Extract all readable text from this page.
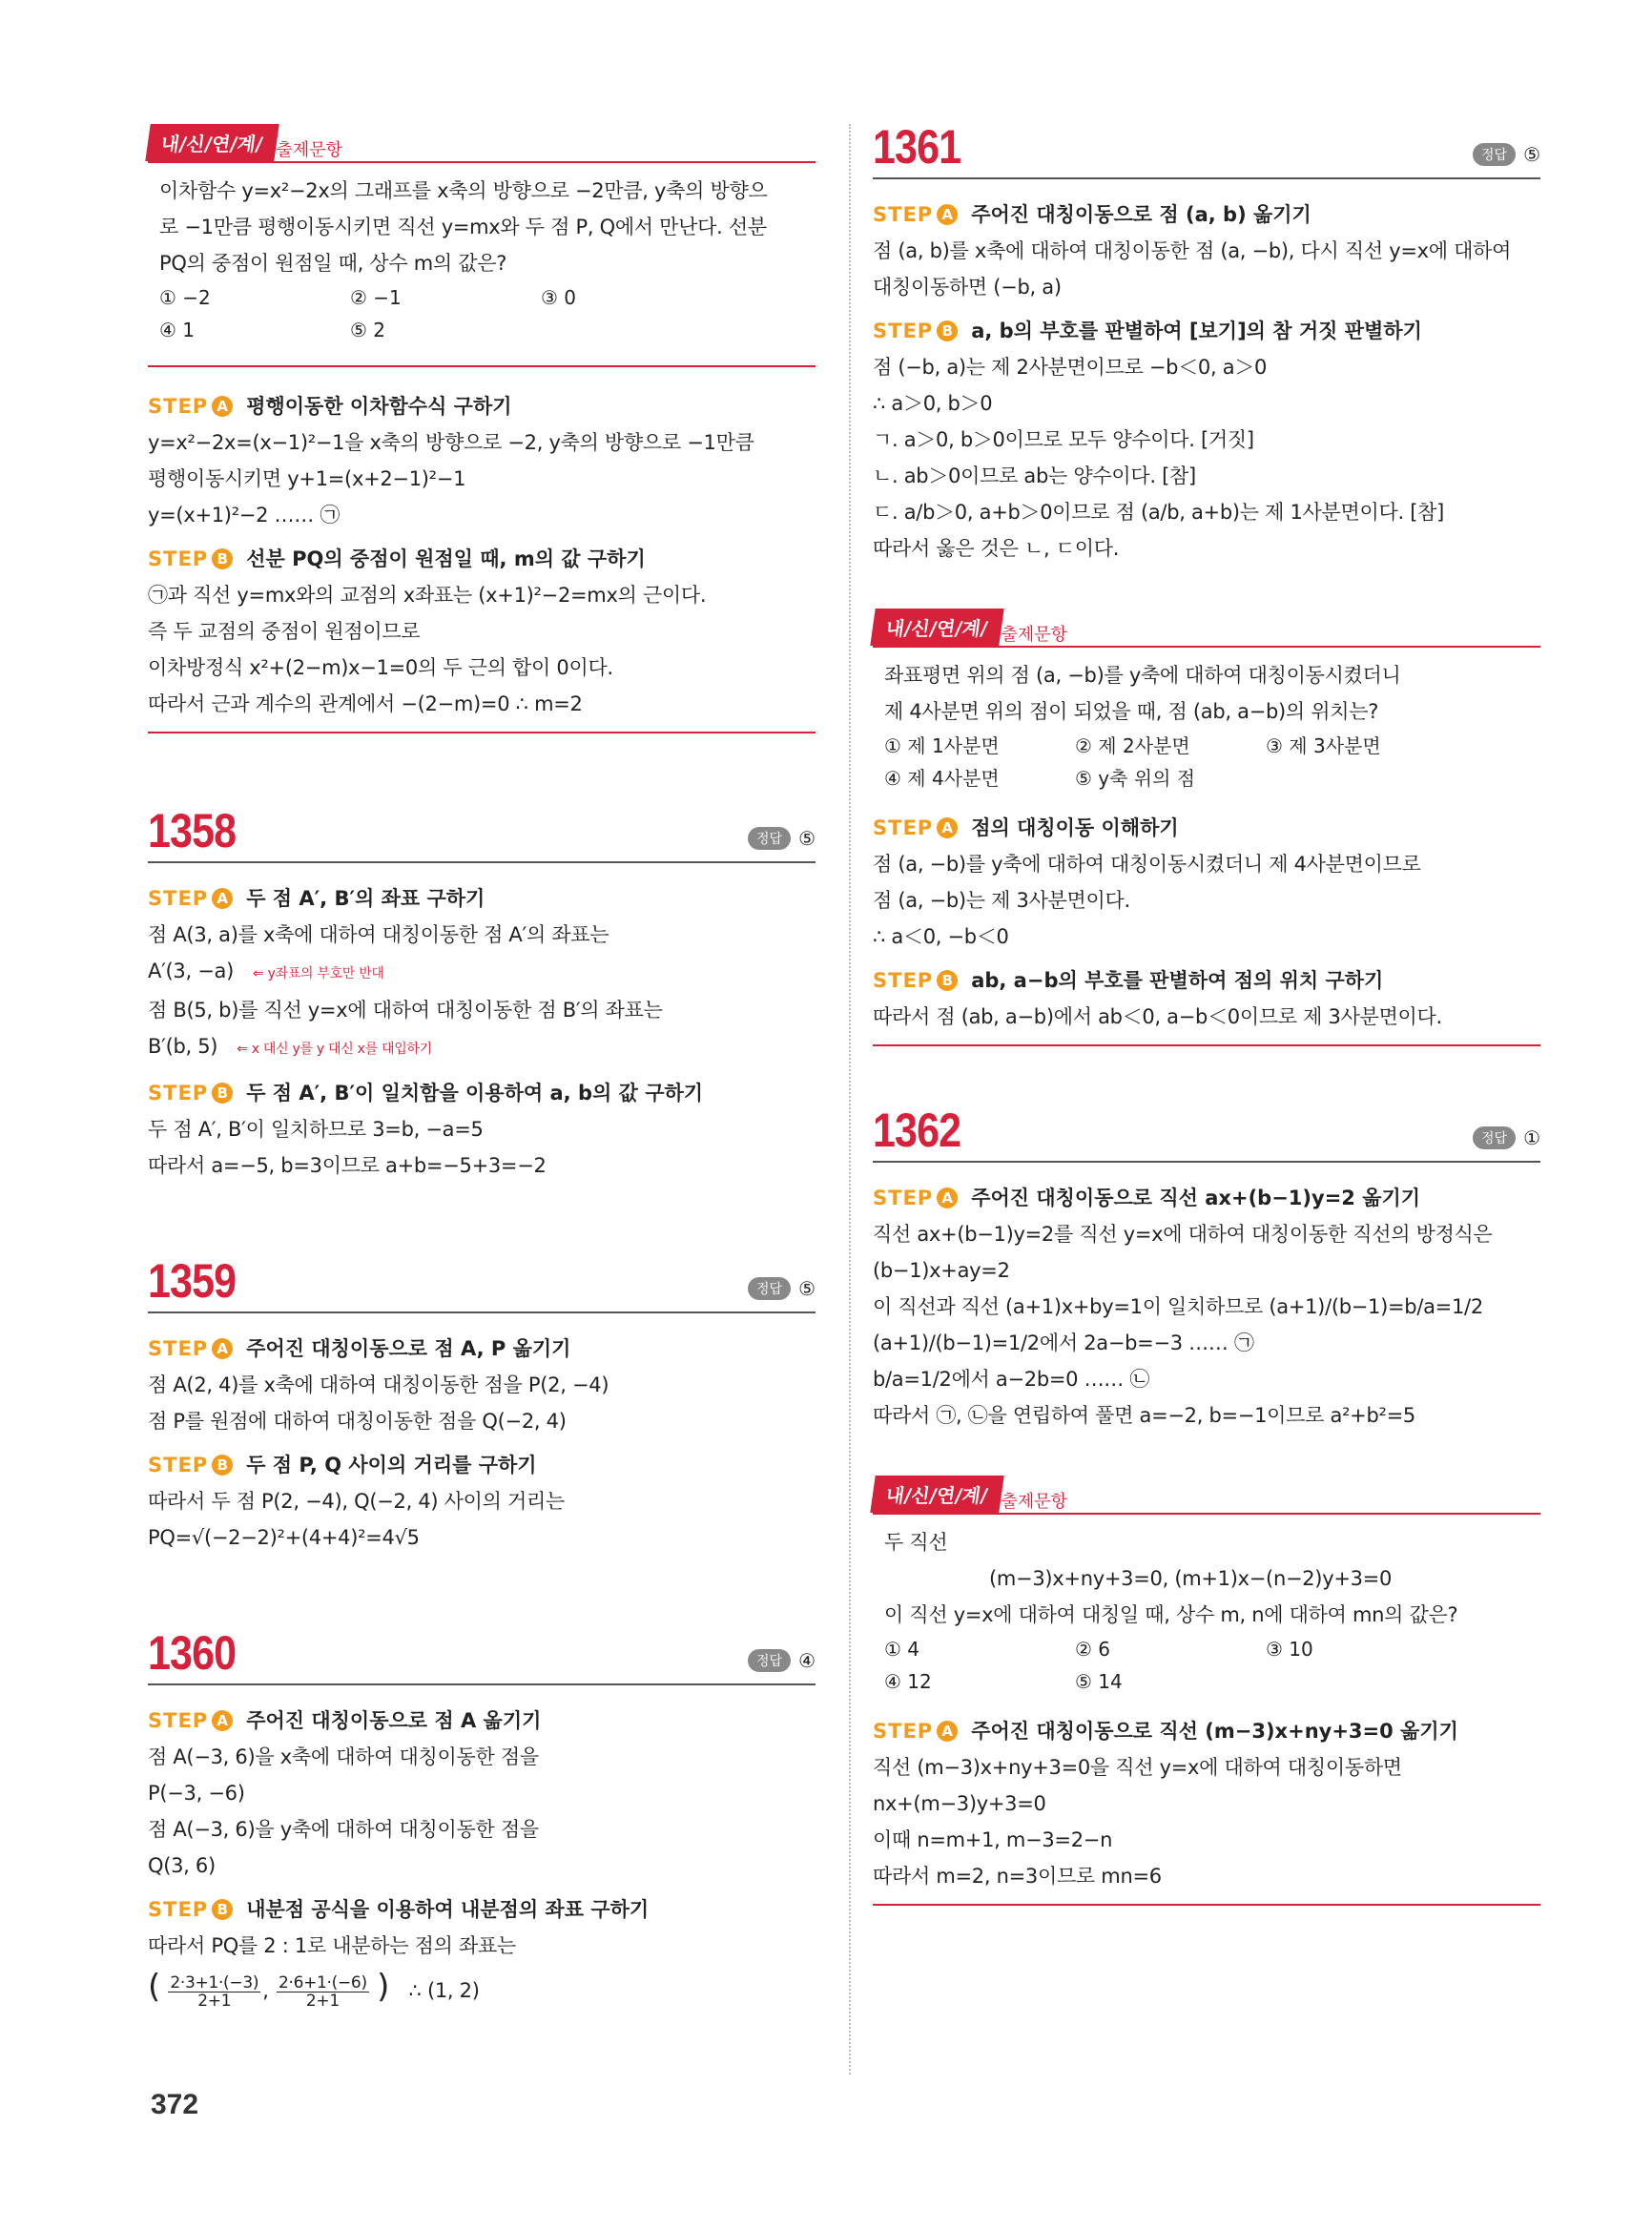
내/신/연/계/ 출제문항
이차함수 y=x²−2x의 그래프를 x축의 방향으로 −2만큼, y축의 방향으
로 −1만큼 평행이동시키면 직선 y=mx와 두 점 P, Q에서 만난다. 선분
PQ의 중점이 원점일 때, 상수 m의 값은?
① −2	② −1	③ 0
④ 1	⑤ 2
STEP A 평행이동한 이차함수식 구하기
y=x²−2x=(x−1)²−1을 x축의 방향으로 −2, y축의 방향으로 −1만큼
평행이동시키면 y+1=(x+2−1)²−1
y=(x+1)²−2 …… ㉠
STEP B 선분 PQ의 중점이 원점일 때, m의 값 구하기
㉠과 직선 y=mx와의 교점의 x좌표는 (x+1)²−2=mx의 근이다.
즉 두 교점의 중점이 원점이므로
이차방정식 x²+(2−m)x−1=0의 두 근의 합이 0이다.
따라서 근과 계수의 관계에서 −(2−m)=0 ∴ m=2
1358	정답 ⑤
STEP A 두 점 A′, B′의 좌표 구하기
점 A(3, a)를 x축에 대하여 대칭이동한 점 A′의 좌표는
A′(3, −a) ⇐ y좌표의 부호만 반대
점 B(5, b)를 직선 y=x에 대하여 대칭이동한 점 B′의 좌표는
B′(b, 5) ⇐ x 대신 y를 y 대신 x를 대입하기
STEP B 두 점 A′, B′이 일치함을 이용하여 a, b의 값 구하기
두 점 A′, B′이 일치하므로 3=b, −a=5
따라서 a=−5, b=3이므로 a+b=−5+3=−2
1359	정답 ⑤
STEP A 주어진 대칭이동으로 점 A, P 옮기기
점 A(2, 4)를 x축에 대하여 대칭이동한 점을 P(2, −4)
점 P를 원점에 대하여 대칭이동한 점을 Q(−2, 4)
STEP B 두 점 P, Q 사이의 거리를 구하기
따라서 두 점 P(2, −4), Q(−2, 4) 사이의 거리는
PQ=√(−2−2)²+(4+4)²=4√5
1360	정답 ④
STEP A 주어진 대칭이동으로 점 A 옮기기
점 A(−3, 6)을 x축에 대하여 대칭이동한 점을
P(−3, −6)
점 A(−3, 6)을 y축에 대하여 대칭이동한 점을
Q(3, 6)
STEP B 내분점 공식을 이용하여 내분점의 좌표 구하기
따라서 PQ를 2 : 1로 내분하는 점의 좌표는
( $\frac{2\cdot 3+1\cdot(-3)}{2+1}$ , $\frac{2\cdot 6+1\cdot(-6)}{2+1}$ ) ∴ (1, 2)
1361	정답 ⑤
STEP A 주어진 대칭이동으로 점 (a, b) 옮기기
점 (a, b)를 x축에 대하여 대칭이동한 점 (a, −b), 다시 직선 y=x에 대하여
대칭이동하면 (−b, a)
STEP B a, b의 부호를 판별하여 [보기]의 참 거짓 판별하기
점 (−b, a)는 제 2사분면이므로 −b＜0, a＞0
∴ a＞0, b＞0
ㄱ. a＞0, b＞0이므로 모두 양수이다. [거짓]
ㄴ. ab＞0이므로 ab는 양수이다. [참]
ㄷ. a/b＞0, a+b＞0이므로 점 (a/b, a+b)는 제 1사분면이다. [참]
따라서 옳은 것은 ㄴ, ㄷ이다.
내/신/연/계/ 출제문항
좌표평면 위의 점 (a, −b)를 y축에 대하여 대칭이동시켰더니
제 4사분면 위의 점이 되었을 때, 점 (ab, a−b)의 위치는?
① 제 1사분면	② 제 2사분면	③ 제 3사분면
④ 제 4사분면	⑤ y축 위의 점
STEP A 점의 대칭이동 이해하기
점 (a, −b)를 y축에 대하여 대칭이동시켰더니 제 4사분면이므로
점 (a, −b)는 제 3사분면이다.
∴ a＜0, −b＜0
STEP B ab, a−b의 부호를 판별하여 점의 위치 구하기
따라서 점 (ab, a−b)에서 ab＜0, a−b＜0이므로 제 3사분면이다.
1362	정답 ①
STEP A 주어진 대칭이동으로 직선 ax+(b−1)y=2 옮기기
직선 ax+(b−1)y=2를 직선 y=x에 대하여 대칭이동한 직선의 방정식은
(b−1)x+ay=2
이 직선과 직선 (a+1)x+by=1이 일치하므로 (a+1)/(b−1)=b/a=1/2
(a+1)/(b−1)=1/2에서 2a−b=−3 …… ㉠
b/a=1/2에서 a−2b=0 …… ㉡
따라서 ㉠, ㉡을 연립하여 풀면 a=−2, b=−1이므로 a²+b²=5
내/신/연/계/ 출제문항
두 직선
(m−3)x+ny+3=0, (m+1)x−(n−2)y+3=0
이 직선 y=x에 대하여 대칭일 때, 상수 m, n에 대하여 mn의 값은?
① 4	② 6	③ 10
④ 12	⑤ 14
STEP A 주어진 대칭이동으로 직선 (m−3)x+ny+3=0 옮기기
직선 (m−3)x+ny+3=0을 직선 y=x에 대하여 대칭이동하면
nx+(m−3)y+3=0
이때 n=m+1, m−3=2−n
따라서 m=2, n=3이므로 mn=6
372
